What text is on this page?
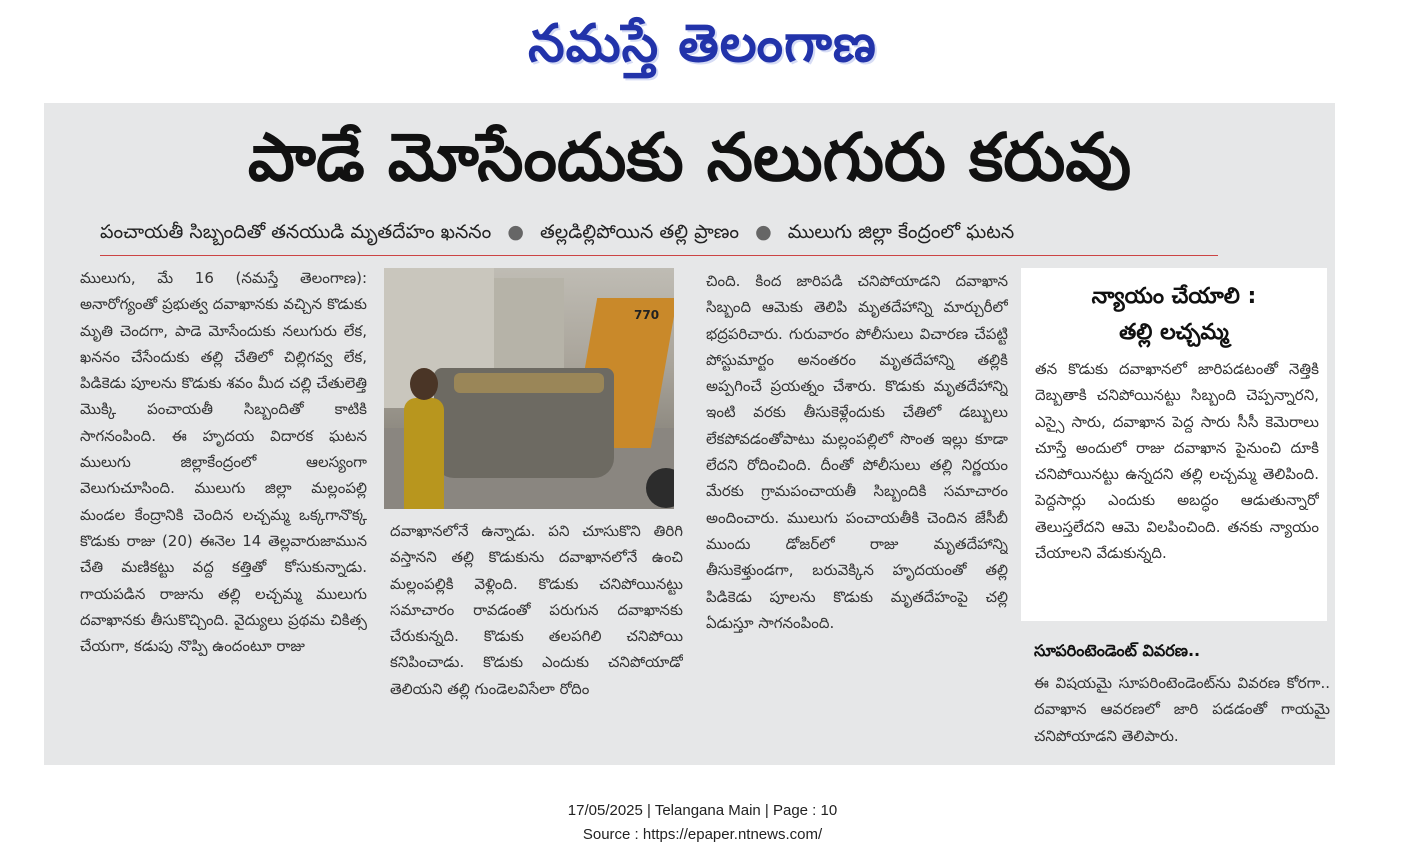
నమస్తే తెలంగాణ
పాడే మోసేందుకు నలుగురు కరువు
పంచాయతీ సిబ్బందితో తనయుడి మృతదేహం ఖననం ● తల్లడిల్లిపోయిన తల్లి ప్రాణం ● ములుగు జిల్లా కేంద్రంలో ఘటన

ములుగు, మే 16 (నమస్తే తెలంగాణ): అనారోగ్యంతో ప్రభుత్వ దవాఖానకు వచ్చిన కొడుకు మృతి చెందగా, పాడె మోసేందుకు నలుగురు లేక, ఖననం చేసేందుకు తల్లి చేతిలో చిల్లిగవ్వ లేక, పిడికెడు పూలను కొడుకు శవం మీద చల్లి చేతులెత్తి మొక్కి పంచాయతీ సిబ్బందితో కాటికి సాగనంపింది. ఈ హృదయ విదారక ఘటన ములుగు జిల్లాకేంద్రంలో ఆలస్యంగా వెలుగుచూసింది. ములుగు జిల్లా మల్లంపల్లి మండల కేంద్రానికి చెందిన లచ్చమ్మ ఒక్కగానొక్క కొడుకు రాజు (20) ఈనెల 14 తెల్లవారుజామున చేతి మణికట్టు వద్ద కత్తితో కోసుకున్నాడు. గాయపడిన రాజును తల్లి లచ్చమ్మ ములుగు దవాఖానకు తీసుకొచ్చింది. వైద్యులు ప్రథమ చికిత్స చేయగా, కడుపు నొప్పి ఉందంటూ రాజు

770

దవాఖానలోనే ఉన్నాడు. పని చూసుకొని తిరిగి వస్తానని తల్లి కొడుకును దవాఖానలోనే ఉంచి మల్లంపల్లికి వెళ్లింది. కొడుకు చనిపోయినట్టు సమాచారం రావడంతో పరుగున దవాఖానకు చేరుకున్నది. కొడుకు తలపగిలి చనిపోయి కనిపించాడు. కొడుకు ఎందుకు చనిపోయాడో తెలియని తల్లి గుండెలవిసేలా రోదిం

చింది. కింద జారిపడి చనిపోయాడని దవాఖాన సిబ్బంది ఆమెకు తెలిపి మృతదేహాన్ని మార్చురీలో భద్రపరిచారు. గురువారం పోలీసులు విచారణ చేపట్టి పోస్టుమార్టం అనంతరం మృతదేహాన్ని తల్లికి అప్పగించే ప్రయత్నం చేశారు. కొడుకు మృతదేహాన్ని ఇంటి వరకు తీసుకెళ్లేందుకు చేతిలో డబ్బులు లేకపోవడంతోపాటు మల్లంపల్లిలో సొంత ఇల్లు కూడా లేదని రోదించింది. దీంతో పోలీసులు తల్లి నిర్ణయం మేరకు గ్రామపంచాయతీ సిబ్బందికి సమాచారం అందించారు. ములుగు పంచాయతీకి చెందిన జేసీబీ ముందు డోజర్‌లో రాజు మృతదేహాన్ని తీసుకెళ్తుండగా, బరువెక్కిన హృదయంతో తల్లి పిడికెడు పూలను కొడుకు మృతదేహంపై చల్లి ఏడుస్తూ సాగనంపింది.

న్యాయం చేయాలి :
తల్లి లచ్చమ్మ
తన కొడుకు దవాఖానలో జారిపడటంతో నెత్తికి దెబ్బతాకి చనిపోయినట్టు సిబ్బంది చెప్పన్నారని, ఎస్సై సారు, దవాఖాన పెద్ద సారు సీసీ కెమెరాలు చూస్తే అందులో రాజు దవాఖాన పైనుంచి దూకి చనిపోయినట్టు ఉన్నదని తల్లి లచ్చమ్మ తెలిపింది. పెద్దసార్లు ఎందుకు అబద్ధం ఆడుతున్నారో తెలుస్తలేదని ఆమె విలపించింది. తనకు న్యాయం చేయాలని వేడుకున్నది.
సూపరింటెండెంట్ వివరణ..
ఈ విషయమై సూపరింటెండెంట్‌ను వివరణ కోరగా.. దవాఖాన ఆవరణలో జారి పడడంతో గాయమై చనిపోయాడని తెలిపారు.
17/05/2025 | Telangana Main | Page : 10
Source : https://epaper.ntnews.com/
